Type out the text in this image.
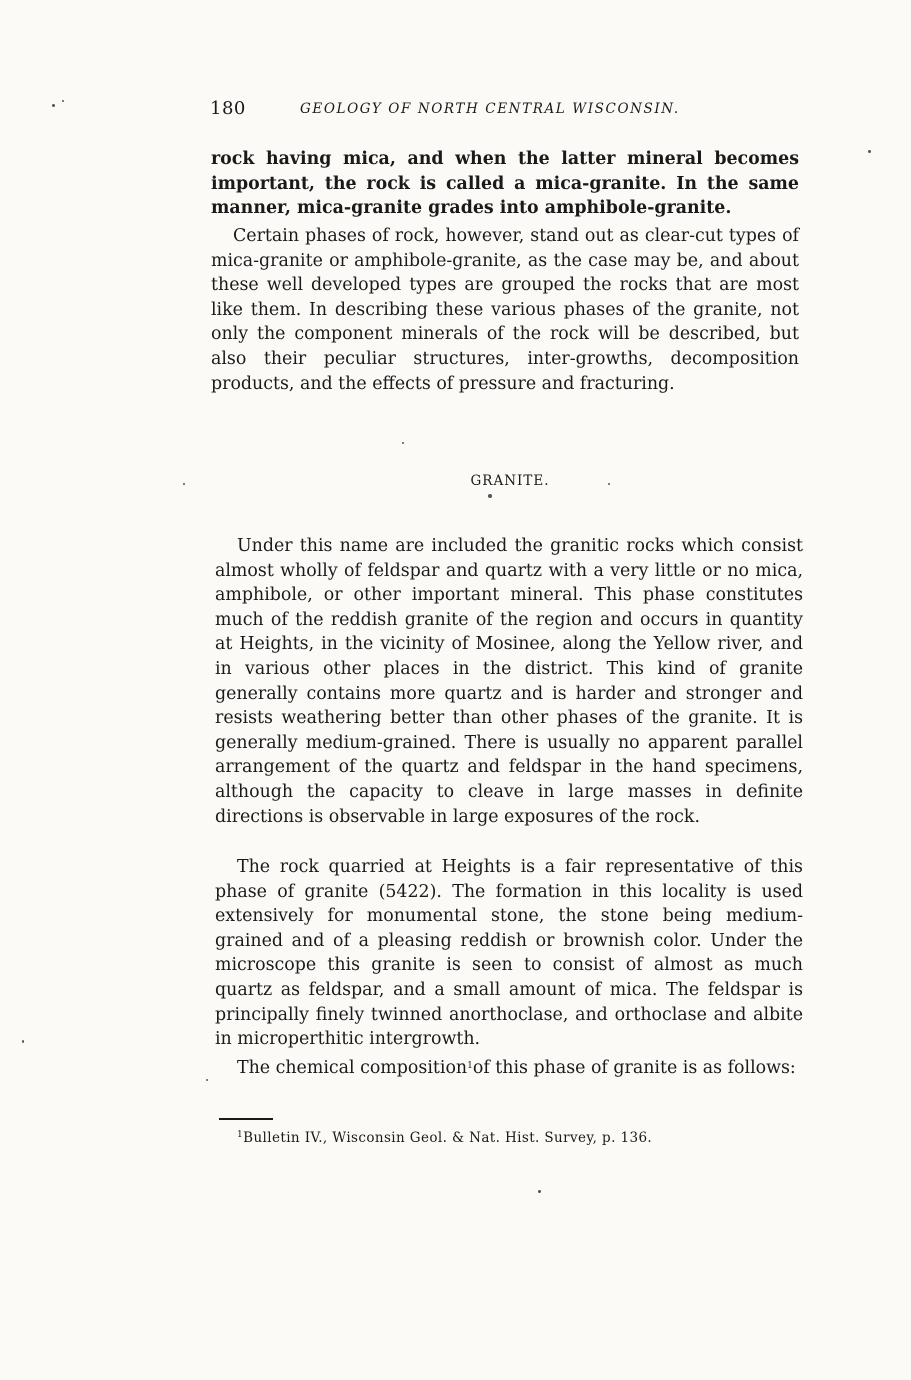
180	GEOLOGY OF NORTH CENTRAL WISCONSIN.

rock having mica, and when the latter mineral becomes important, the rock is called a mica-granite. In the same manner, mica-granite grades into amphibole-granite.

Certain phases of rock, however, stand out as clear-cut types of mica-granite or amphibole-granite, as the case may be, and about these well developed types are grouped the rocks that are most like them. In describing these various phases of the granite, not only the component minerals of the rock will be described, but also their peculiar structures, inter-growths, decomposition products, and the effects of pressure and fracturing.

GRANITE.

Under this name are included the granitic rocks which consist almost wholly of feldspar and quartz with a very little or no mica, amphibole, or other important mineral. This phase constitutes much of the reddish granite of the region and occurs in quantity at Heights, in the vicinity of Mosinee, along the Yellow river, and in various other places in the district. This kind of granite generally contains more quartz and is harder and stronger and resists weathering better than other phases of the granite. It is generally medium-grained. There is usually no apparent parallel arrangement of the quartz and feldspar in the hand specimens, although the capacity to cleave in large masses in definite directions is observable in large exposures of the rock.

The rock quarried at Heights is a fair representative of this phase of granite (5422). The formation in this locality is used extensively for monumental stone, the stone being medium-grained and of a pleasing reddish or brownish color. Under the microscope this granite is seen to consist of almost as much quartz as feldspar, and a small amount of mica. The feldspar is principally finely twinned anorthoclase, and orthoclase and albite in microperthitic intergrowth.

The chemical composition$^1$of this phase of granite is as follows:

$^1$Bulletin IV., Wisconsin Geol. & Nat. Hist. Survey, p. 136.
